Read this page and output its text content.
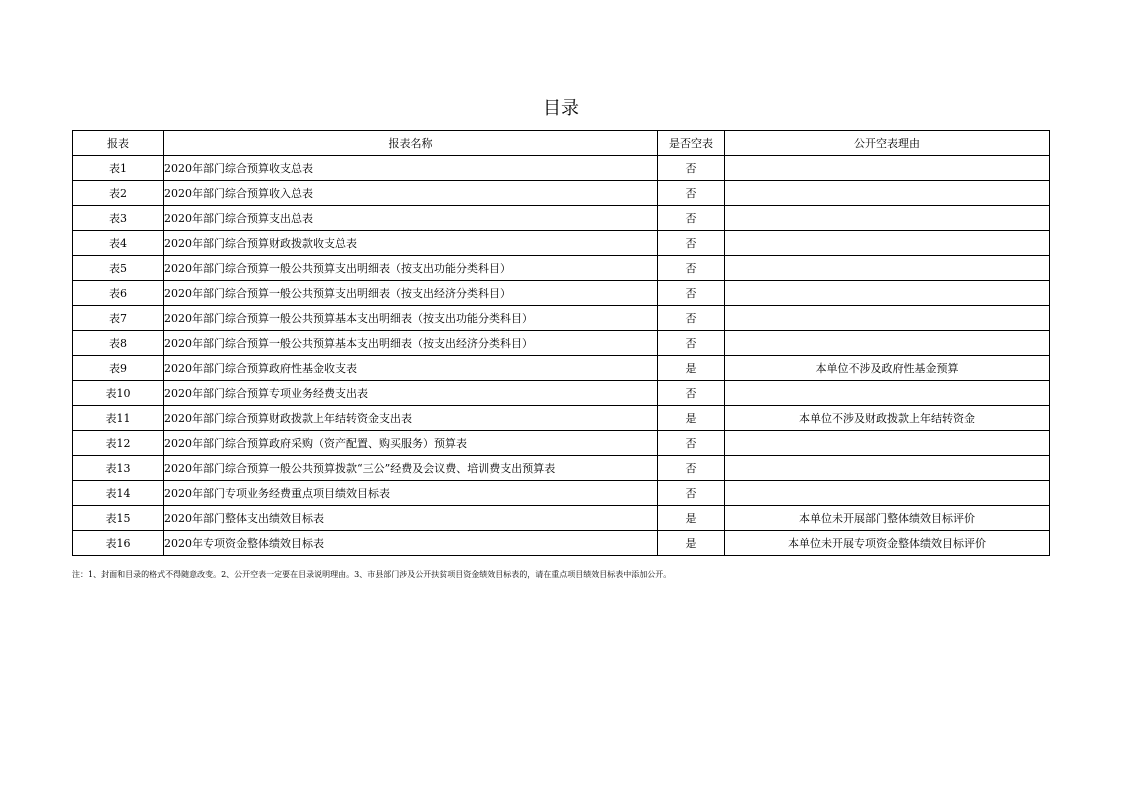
目录
报表	报表名称	是否空表	公开空表理由
表1	2020年部门综合预算收支总表	否	
表2	2020年部门综合预算收入总表	否	
表3	2020年部门综合预算支出总表	否	
表4	2020年部门综合预算财政拨款收支总表	否	
表5	2020年部门综合预算一般公共预算支出明细表（按支出功能分类科目）	否	
表6	2020年部门综合预算一般公共预算支出明细表（按支出经济分类科目）	否	
表7	2020年部门综合预算一般公共预算基本支出明细表（按支出功能分类科目）	否	
表8	2020年部门综合预算一般公共预算基本支出明细表（按支出经济分类科目）	否	
表9	2020年部门综合预算政府性基金收支表	是	本单位不涉及政府性基金预算
表10	2020年部门综合预算专项业务经费支出表	否	
表11	2020年部门综合预算财政拨款上年结转资金支出表	是	本单位不涉及财政拨款上年结转资金
表12	2020年部门综合预算政府采购（资产配置、购买服务）预算表	否	
表13	2020年部门综合预算一般公共预算拨款“三公”经费及会议费、培训费支出预算表	否	
表14	2020年部门专项业务经费重点项目绩效目标表	否	
表15	2020年部门整体支出绩效目标表	是	本单位未开展部门整体绩效目标评价
表16	2020年专项资金整体绩效目标表	是	本单位未开展专项资金整体绩效目标评价
注：1、封面和目录的格式不得随意改变。2、公开空表一定要在目录说明理由。3、市县部门涉及公开扶贫项目资金绩效目标表的，请在重点项目绩效目标表中添加公开。
